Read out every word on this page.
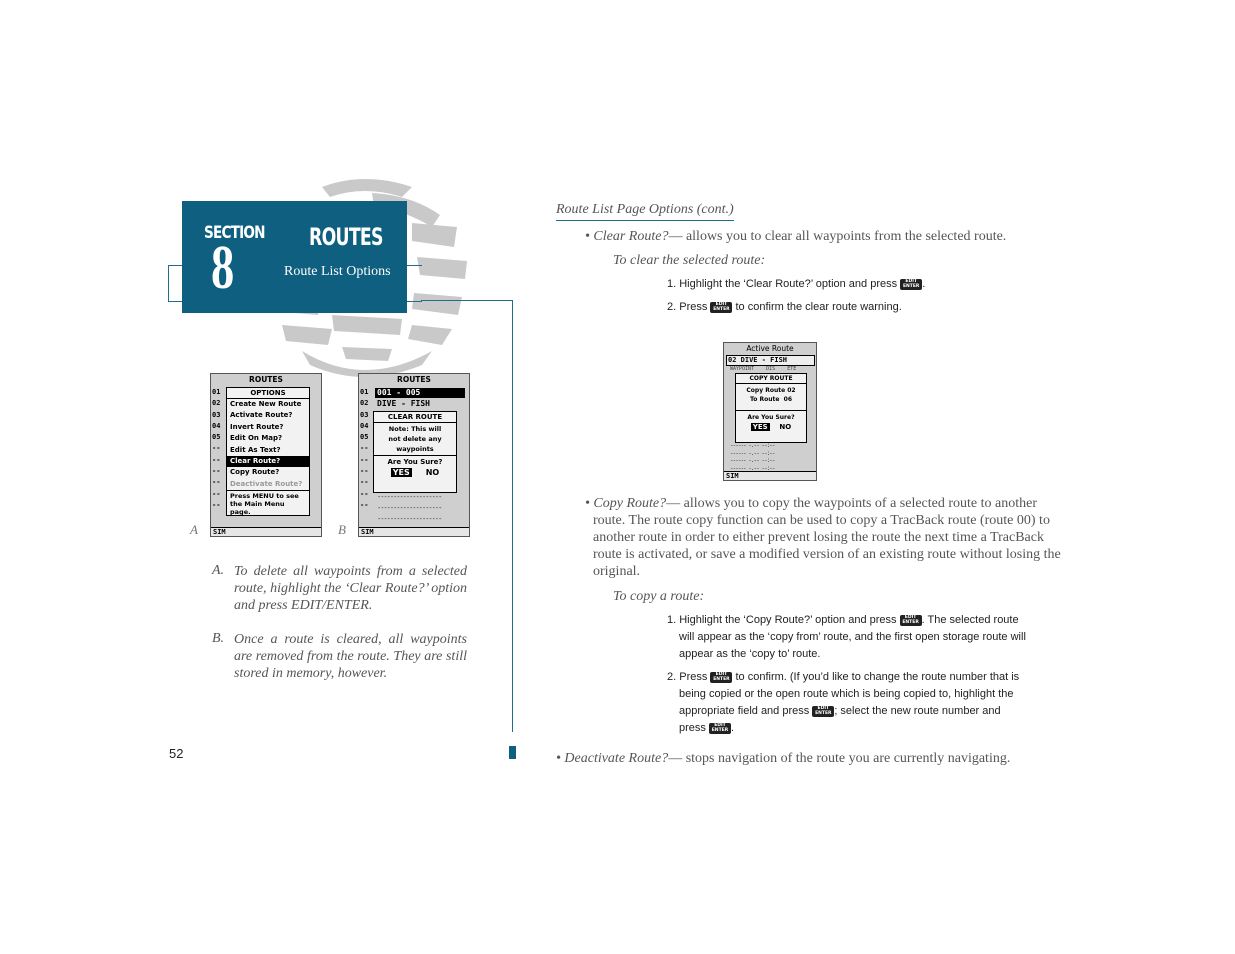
SECTION
8	ROUTES
Route List Options
ROUTES
01
02
03
04
05
--
--
--
--
--
--
OPTIONS
Create New Route
Activate Route?
Invert Route?
Edit On Map?
Edit As Text?
Clear Route?
Copy Route?
Deactivate Route?
Press MENU to see the Main Menu page.
SIM
A
ROUTES
01
02
03
04
05
--
--
--
--
--
--
001 - 005
DIVE - FISH
CLEAR ROUTE
Note: This will not delete any waypoints
Are You Sure?
YES NO
--------------------
--------------------
--------------------
SIM
B
A. To delete all waypoints from a selected route, highlight the ‘Clear Route?’ option and press EDIT/ENTER.
B. Once a route is cleared, all waypoints are removed from the route. They are still stored in memory, however.
52
Route List Page Options (cont.)
• Clear Route?— allows you to clear all waypoints from the selected route.
To clear the selected route:
1. Highlight the ‘Clear Route?’ option and press EDIT
ENTER .
2. Press EDIT
ENTER to confirm the clear route warning.
Active Route
02 DIVE - FISH
WAYPOINT    DIS    ETE
COPY ROUTE
Copy Route 02
To Route 06
Are You Sure?
YES NO
------ -.-- --:--
------ -.-- --:--
------ -.-- --:--
------ -.-- --:--
SIM
• Copy Route?— allows you to copy the waypoints of a selected route to another
route. The route copy function can be used to copy a TracBack route (route 00) to
another route in order to either prevent losing the route the next time a TracBack
route is activated, or save a modified version of an existing route without losing the
original.
To copy a route:
1. Highlight the ‘Copy Route?’ option and press EDIT
ENTER . The selected route
will appear as the ‘copy from’ route, and the first open storage route will
appear as the ‘copy to’ route.
2. Press EDIT
ENTER to confirm. (If you’d like to change the route number that is
being copied or the open route which is being copied to, highlight the
appropriate field and press EDIT
ENTER ; select the new route number and
press EDIT
ENTER .
• Deactivate Route?— stops navigation of the route you are currently navigating.
